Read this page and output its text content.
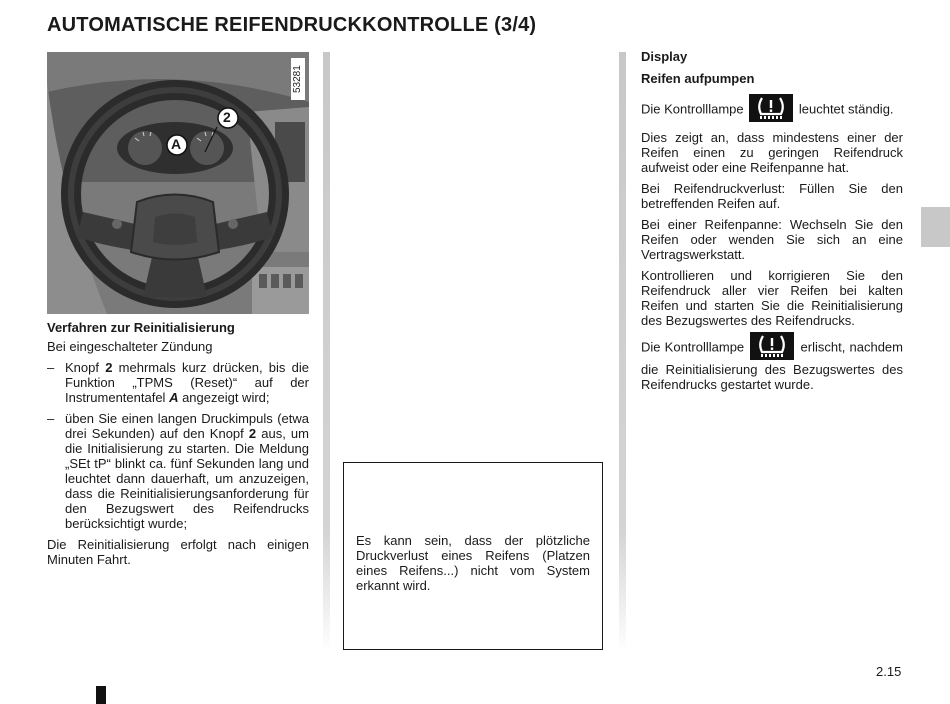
AUTOMATISCHE REIFENDRUCKKONTROLLE (3/4)
A
2
53281

Verfahren zur Reinitialisierung

Bei eingeschalteter Zündung

– Knopf 2 mehrmals kurz drücken, bis die Funktion „TPMS (Reset)“ auf der Instrumententafel A angezeigt wird;
– üben Sie einen langen Druckimpuls (etwa drei Sekunden) auf den Knopf 2 aus, um die Initialisierung zu starten. Die Meldung „SEt tP“ blinkt ca. fünf Sekunden lang und leuchtet dann dauerhaft, um anzuzeigen, dass die Reinitialisierungsanforderung für den Bezugswert des Reifendrucks berücksichtigt wurde;

Die Reinitialisierung erfolgt nach einigen Minuten Fahrt.

Es kann sein, dass der plötzliche Druckverlust eines Reifens (Platzen eines Reifens...) nicht vom System erkannt wird.

Display

Reifen aufpumpen

Die Kontrolllampe	leuchtet ständig.

Dies zeigt an, dass mindestens einer der Reifen einen zu geringen Reifendruck aufweist oder eine Reifenpanne hat.

Bei Reifendruckverlust: Füllen Sie den betreffenden Reifen auf.

Bei einer Reifenpanne: Wechseln Sie den Reifen oder wenden Sie sich an eine Vertragswerkstatt.

Kontrollieren und korrigieren Sie den Reifendruck aller vier Reifen bei kalten Reifen und starten Sie die Reinitialisierung des Bezugswertes des Reifendrucks.

Die Kontrolllampe	erlischt, nachdem die Reinitialisierung des Bezugswertes des Reifendrucks gestartet wurde.

2.15
